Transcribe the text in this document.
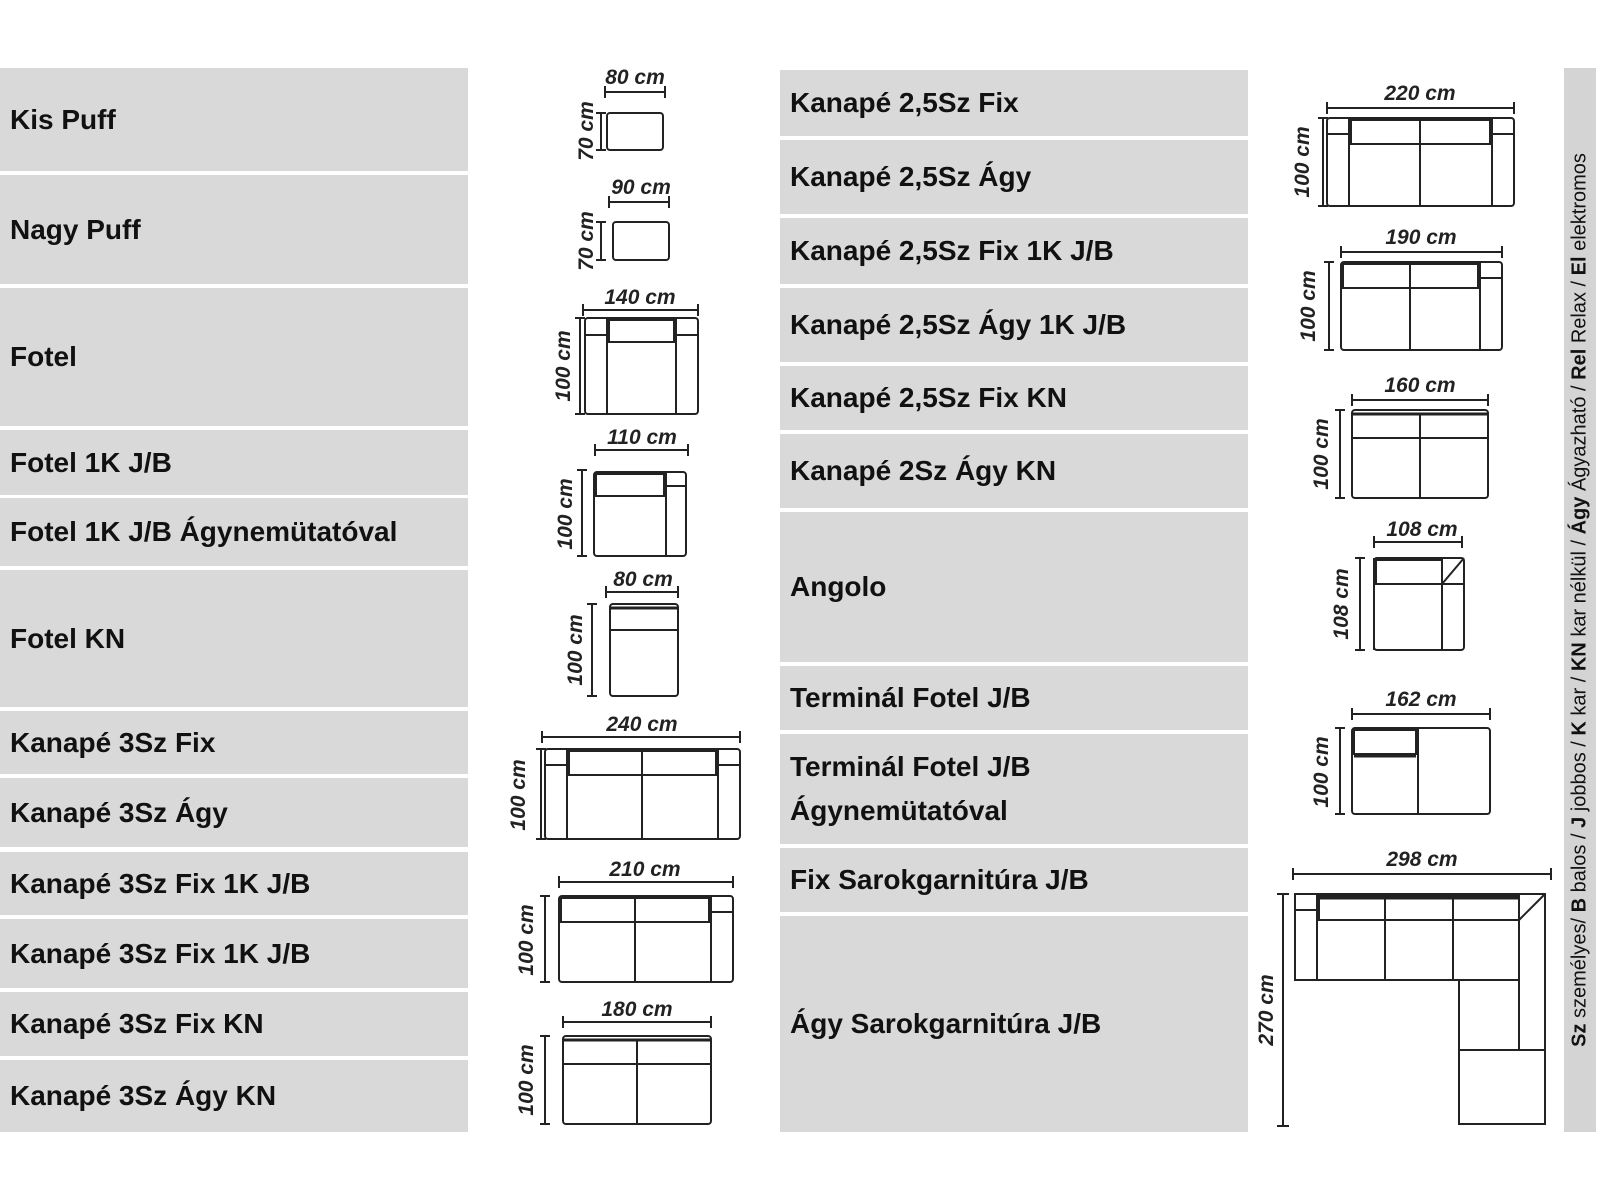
Kis Puff
Nagy Puff
Fotel
Fotel 1K J/B
Fotel 1K J/B Ágynemütatóval
Fotel KN
Kanapé 3Sz Fix
Kanapé 3Sz Ágy
Kanapé 3Sz Fix 1K J/B
Kanapé 3Sz Fix 1K J/B
Kanapé 3Sz Fix KN
Kanapé 3Sz Ágy KN
Kanapé 2,5Sz Fix
Kanapé 2,5Sz Ágy
Kanapé 2,5Sz Fix 1K J/B
Kanapé 2,5Sz Ágy 1K J/B
Kanapé 2,5Sz Fix KN
Kanapé 2Sz Ágy KN
Angolo
Terminál Fotel J/B
Terminál Fotel J/B
Ágynemütatóval
Fix Sarokgarnitúra J/B
Ágy Sarokgarnitúra J/B
80 cm
70 cm
90 cm
70 cm
140 cm
100 cm
110 cm
100 cm
80 cm
100 cm
240 cm
100 cm
210 cm
100 cm
180 cm
100 cm
220 cm
100 cm
190 cm
100 cm
160 cm
100 cm
108 cm
108 cm
162 cm
100 cm
298 cm
270 cm	Sz személyes/ B balos / J jobbos / K kar / KN kar nélkül / Ágy Ágyazható / Rel Relax / El elektromos
